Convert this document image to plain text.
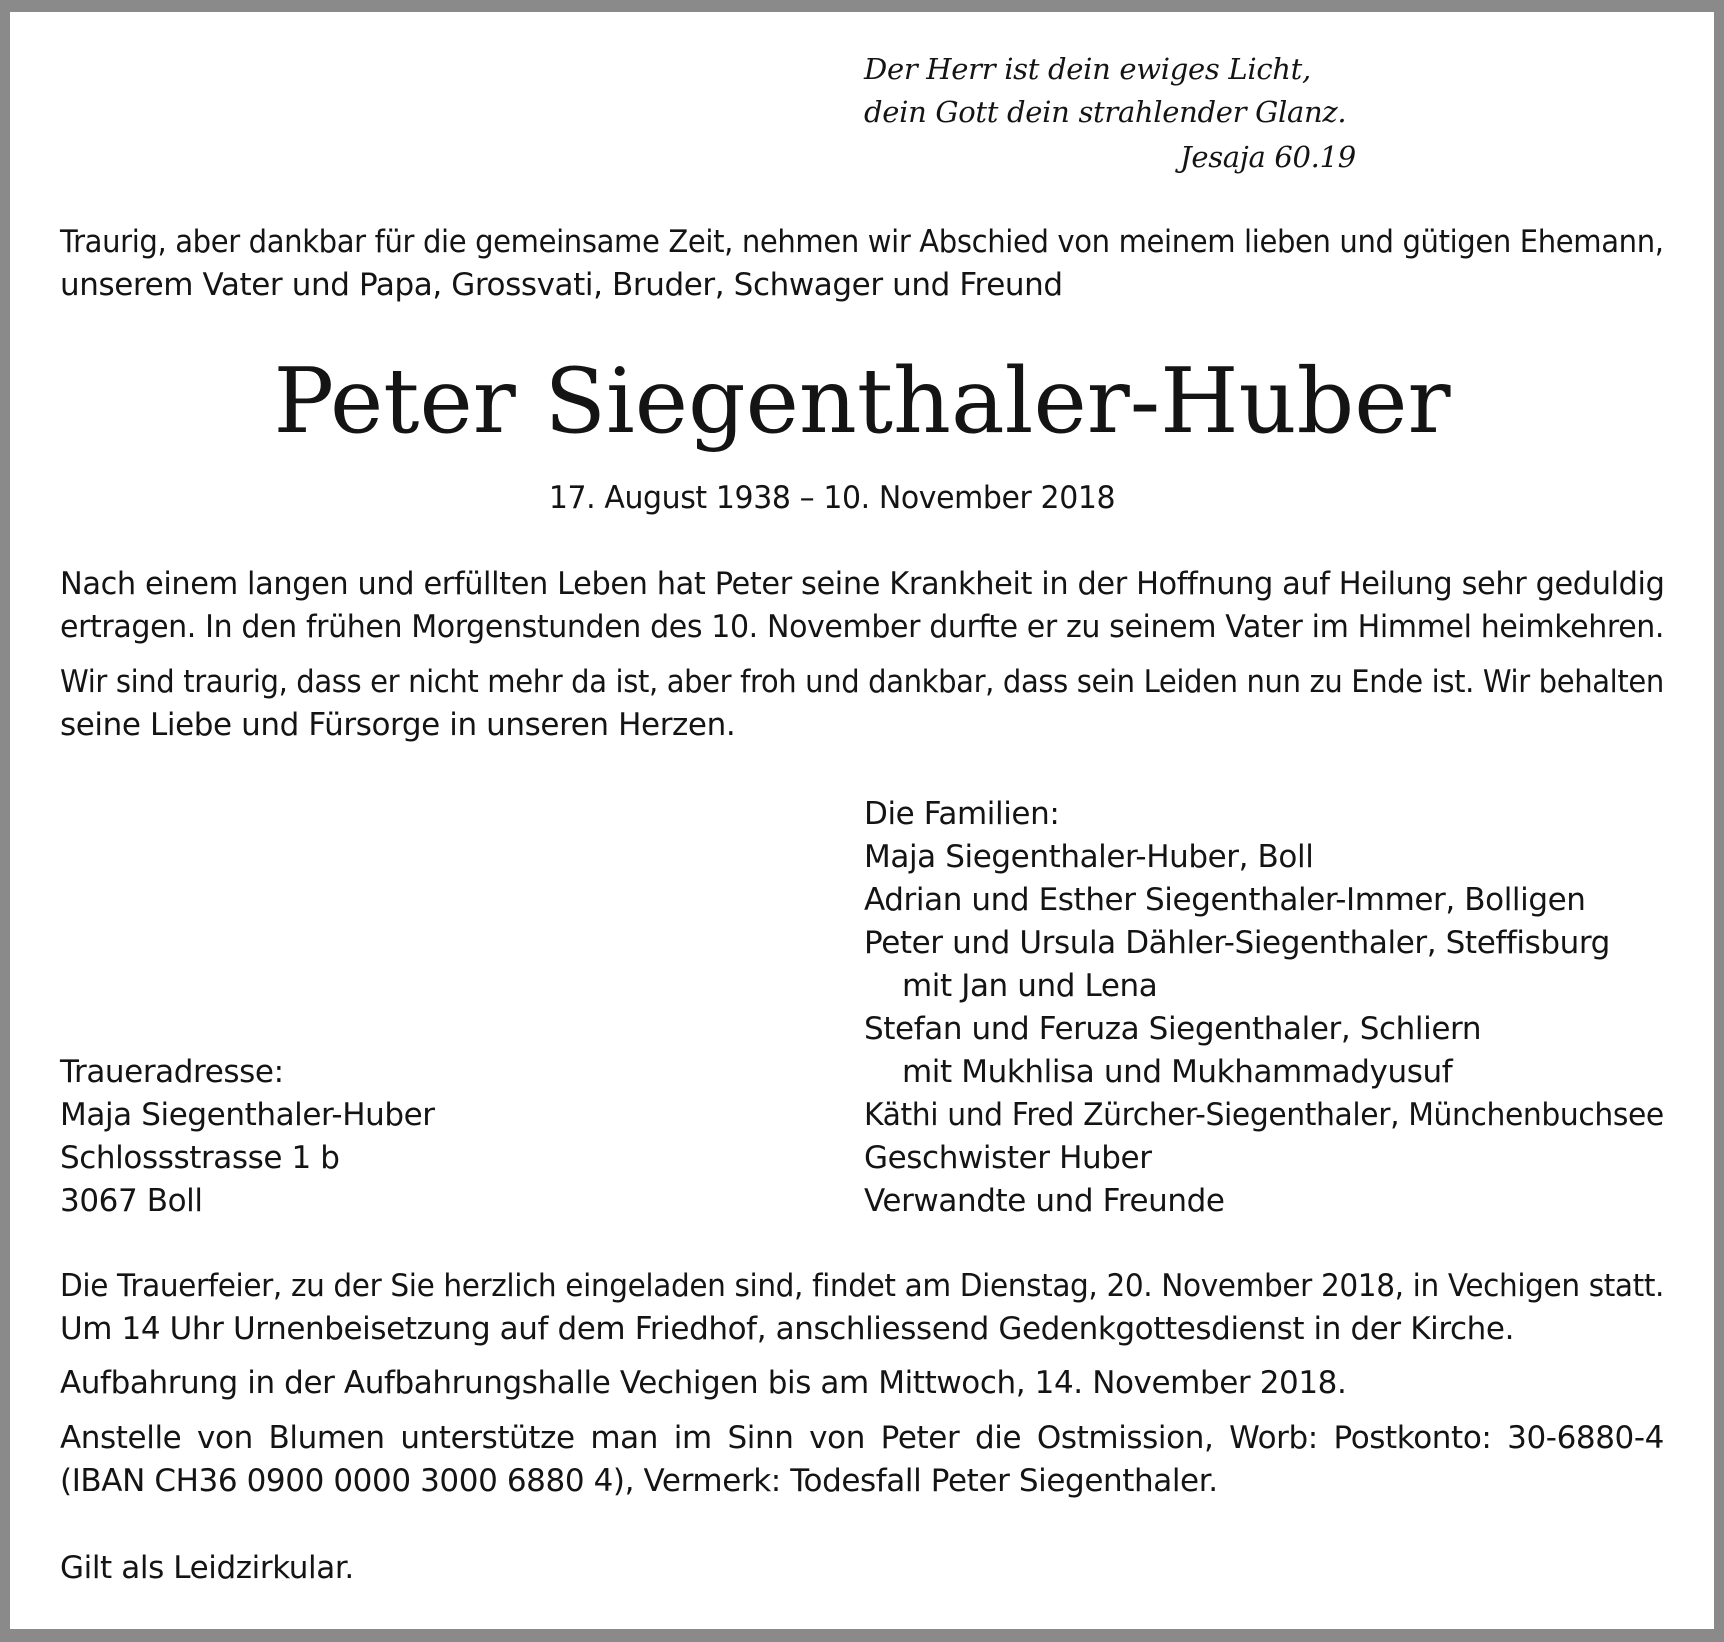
Der Herr ist dein ewiges Licht,

dein Gott dein strahlender Glanz.

Jesaja 60.19

Traurig, aber dankbar für die gemeinsame Zeit, nehmen wir Abschied von meinem lieben und gütigen Ehemann,

unserem Vater und Papa, Grossvati, Bruder, Schwager und Freund

Peter Siegenthaler-Huber

17. August 1938 – 10. November 2018

Nach einem langen und erfüllten Leben hat Peter seine Krankheit in der Hoffnung auf Heilung sehr geduldig

ertragen. In den frühen Morgenstunden des 10. November durfte er zu seinem Vater im Himmel heimkehren.

Wir sind traurig, dass er nicht mehr da ist, aber froh und dankbar, dass sein Leiden nun zu Ende ist. Wir behalten

seine Liebe und Fürsorge in unseren Herzen.

Die Familien:

Maja Siegenthaler-Huber, Boll

Adrian und Esther Siegenthaler-Immer, Bolligen

Peter und Ursula Dähler-Siegenthaler, Steffisburg

mit Jan und Lena

Stefan und Feruza Siegenthaler, Schliern

mit Mukhlisa und Mukhammadyusuf

Käthi und Fred Zürcher-Siegenthaler, Münchenbuchsee

Geschwister Huber

Verwandte und Freunde

Traueradresse:

Maja Siegenthaler-Huber

Schlossstrasse 1 b

3067 Boll

Die Trauerfeier, zu der Sie herzlich eingeladen sind, findet am Dienstag, 20. November 2018, in Vechigen statt.

Um 14 Uhr Urnenbeisetzung auf dem Friedhof, anschliessend Gedenkgottesdienst in der Kirche.

Aufbahrung in der Aufbahrungshalle Vechigen bis am Mittwoch, 14. November 2018.

Anstelle von Blumen unterstütze man im Sinn von Peter die Ostmission, Worb: Postkonto: 30-6880-4

(IBAN CH36 0900 0000 3000 6880 4), Vermerk: Todesfall Peter Siegenthaler.

Gilt als Leidzirkular.
